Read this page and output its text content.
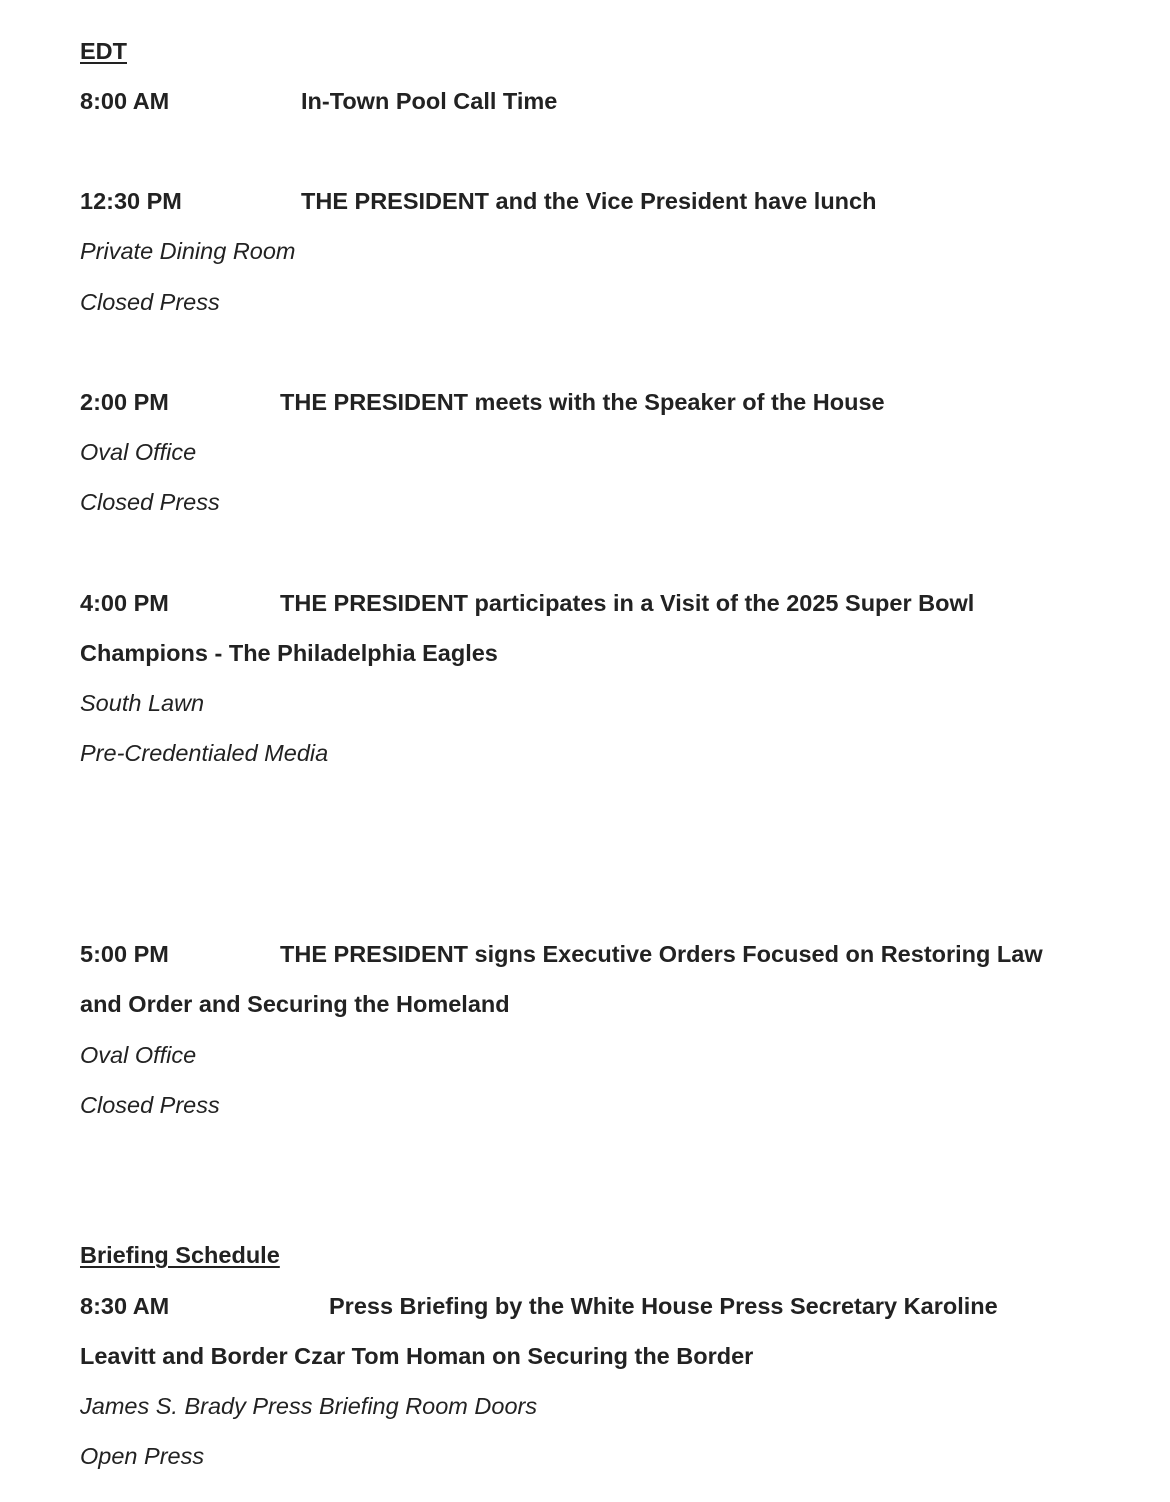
EDT
8:00 AM	In-Town Pool Call Time
12:30 PM	THE PRESIDENT and the Vice President have lunch
Private Dining Room
Closed Press
2:00 PM	THE PRESIDENT meets with the Speaker of the House
Oval Office
Closed Press
4:00 PM	THE PRESIDENT participates in a Visit of the 2025 Super Bowl
Champions - The Philadelphia Eagles
South Lawn
Pre-Credentialed Media
5:00 PM	THE PRESIDENT signs Executive Orders Focused on Restoring Law
and Order and Securing the Homeland
Oval Office
Closed Press
Briefing Schedule
8:30 AM	Press Briefing by the White House Press Secretary Karoline
Leavitt and Border Czar Tom Homan on Securing the Border
James S. Brady Press Briefing Room Doors
Open Press
